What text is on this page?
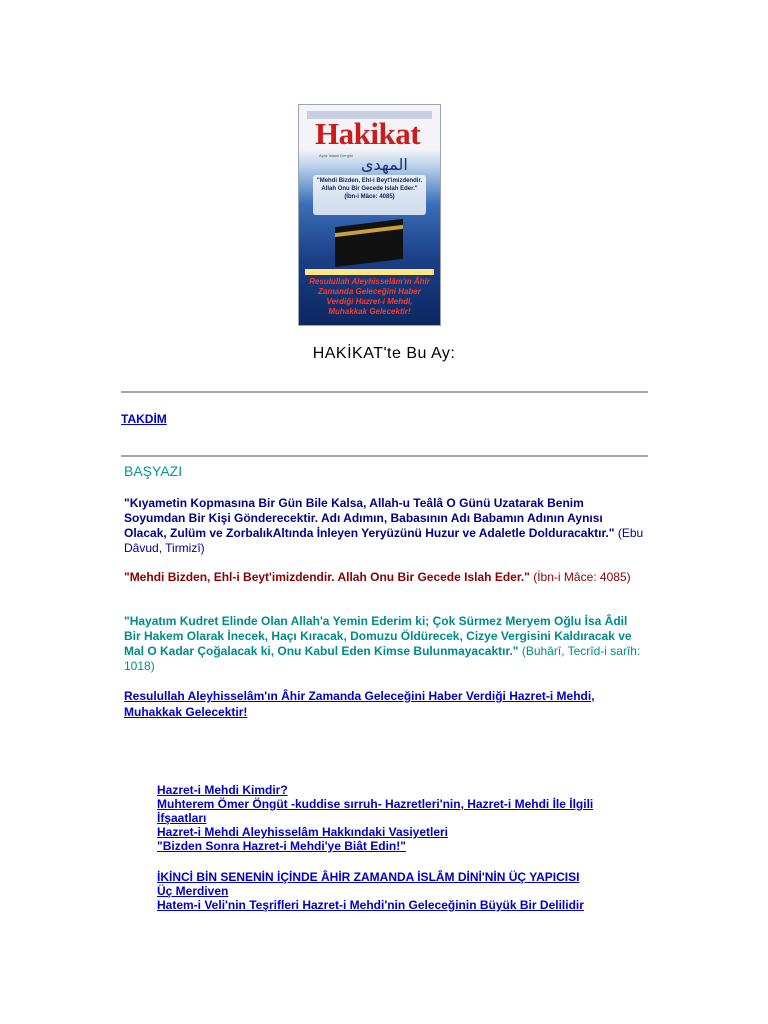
Hakikat
Aylık İslami Dergisi
المهدى
"Mehdi Bizden, Ehl-i Beyt'imizdendir. Allah Onu Bir Gecede Islah Eder." (İbn-i Mâce: 4085)
Resulullah Aleyhisselâm'ın Âhir Zamanda Geleceğini Haber Verdiği Hazret-i Mehdi, Muhakkak Gelecektir!
HAKİKAT'te Bu Ay:
TAKDİM
BAŞYAZI
"Kıyametin Kopmasına Bir Gün Bile Kalsa, Allah-u Teâlâ O Günü Uzatarak Benim Soyumdan Bir Kişi Gönderecektir. Adı Adımın, Babasının Adı Babamın Adının Aynısı Olacak, Zulüm ve ZorbalıkAltında İnleyen Yeryüzünü Huzur ve Adaletle Dolduracaktır." (Ebu Dâvud, Tirmizî)
"Mehdi Bizden, Ehl-i Beyt'imizdendir. Allah Onu Bir Gecede Islah Eder." (İbn-i Mâce: 4085)
"Hayatım Kudret Elinde Olan Allah'a Yemin Ederim ki; Çok Sürmez Meryem Oğlu İsa Âdil Bir Hakem Olarak İnecek, Haçı Kıracak, Domuzu Öldürecek, Cizye Vergisini Kaldıracak ve Mal O Kadar Çoğalacak ki, Onu Kabul Eden Kimse Bulunmayacaktır." (Buhârî, Tecrîd-i sarîh: 1018)
Resulullah Aleyhisselâm'ın Âhir Zamanda Geleceğini Haber Verdiği Hazret-i Mehdi, Muhakkak Gelecektir!
Hazret-i Mehdi Kimdir?
Muhterem Ömer Öngüt -kuddise sırruh- Hazretleri'nin, Hazret-i Mehdi İle İlgili İfşaatları
Hazret-i Mehdi Aleyhisselâm Hakkındaki Vasiyetleri
"Bizden Sonra Hazret-i Mehdi'ye Biât Edin!"
İKİNCİ BİN SENENİN İÇİNDE ÂHİR ZAMANDA İSLÂM DİNİ'NİN ÜÇ YAPICISI
Üç Merdiven
Hatem-i Veli'nin Teşrifleri Hazret-i Mehdi'nin Geleceğinin Büyük Bir Delilidir
